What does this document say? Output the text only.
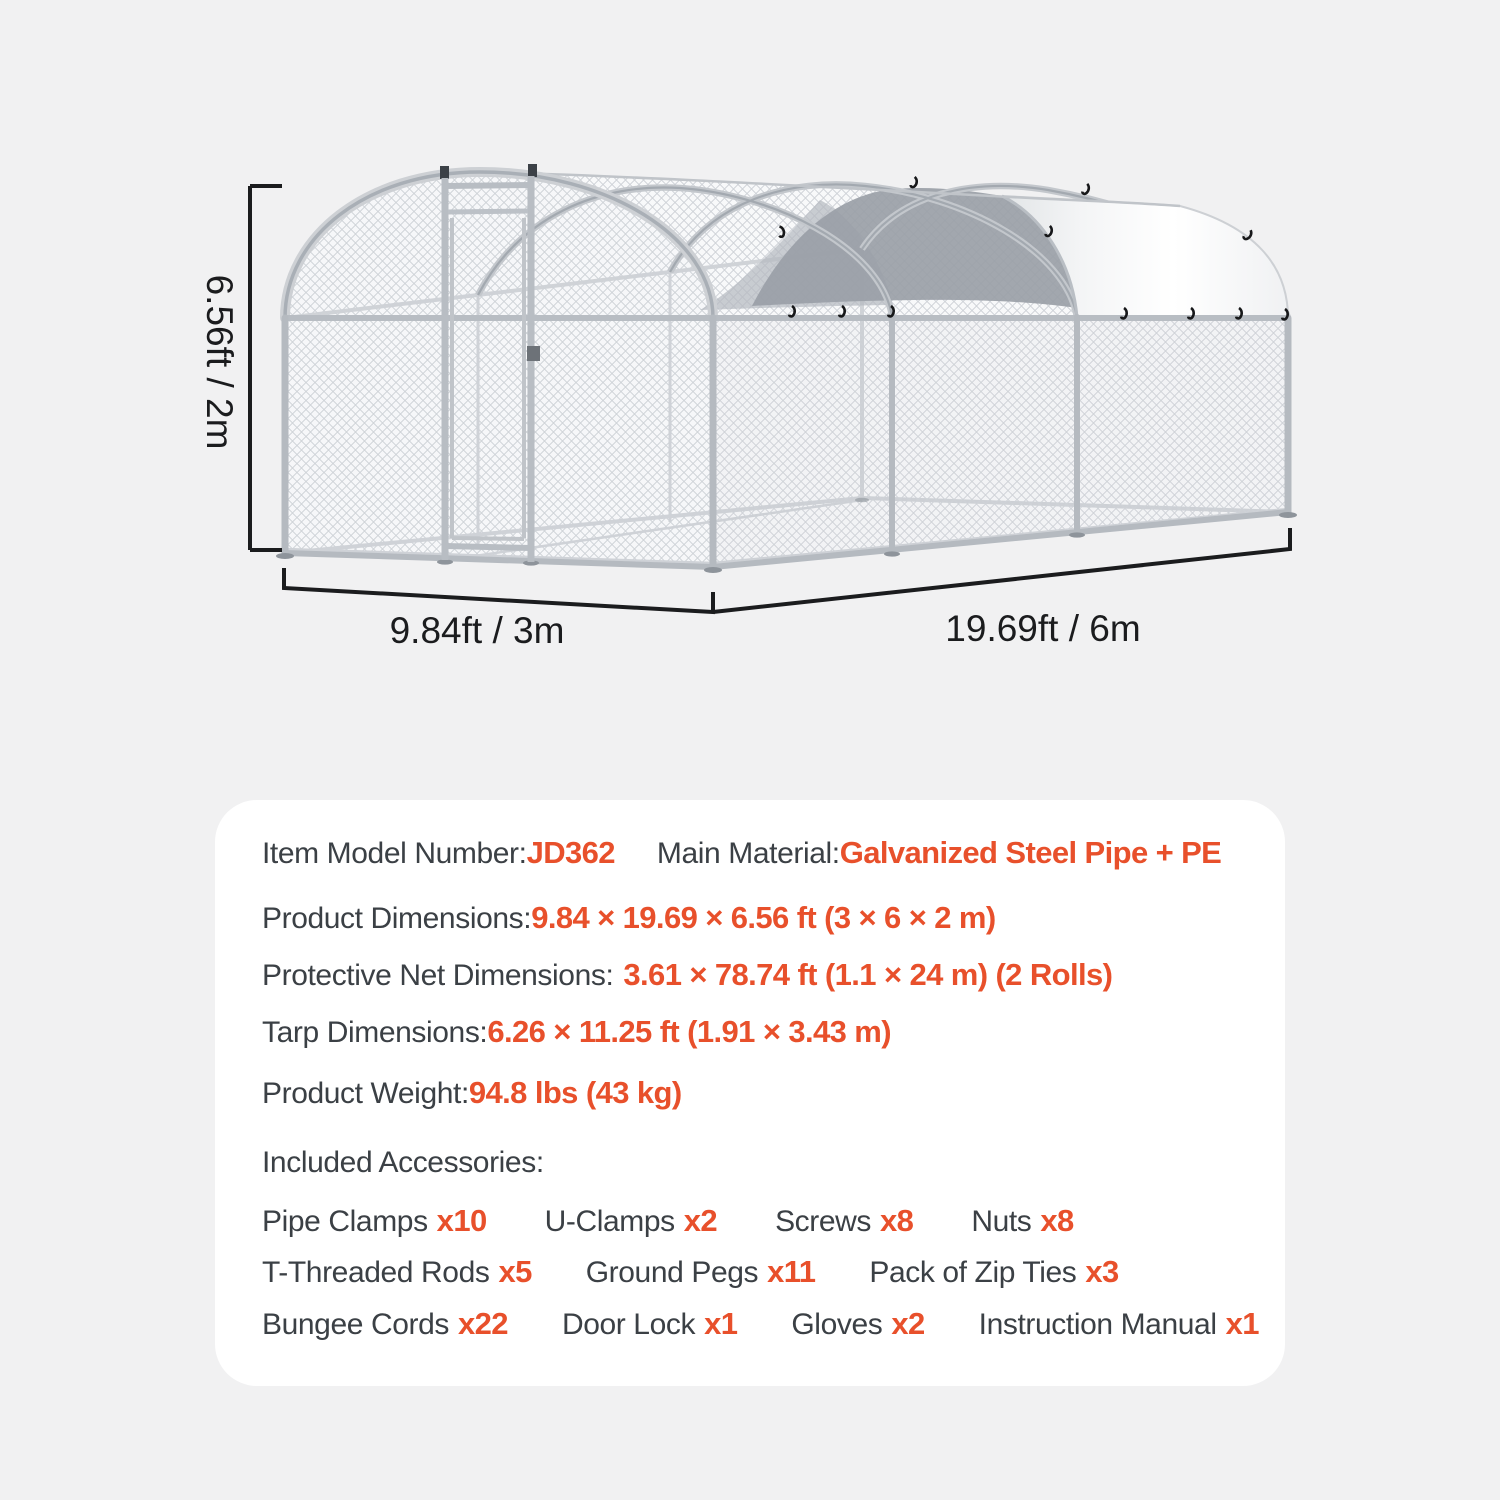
6.56ft / 2m
9.84ft / 3m	19.69ft / 6m
Item Model Number:JD362 Main Material:Galvanized Steel Pipe + PE
Product Dimensions:9.84 × 19.69 × 6.56 ft (3 × 6 × 2 m)
Protective Net Dimensions: 3.61 × 78.74 ft (1.1 × 24 m) (2 Rolls)
Tarp Dimensions:6.26 × 11.25 ft (1.91 × 3.43 m)
Product Weight:94.8 lbs (43 kg)
Included Accessories:
Pipe Clamps x10 U-Clamps x2 Screws x8 Nuts x8
T-Threaded Rods x5 Ground Pegs x11 Pack of Zip Ties x3
Bungee Cords x22 Door Lock x1 Gloves x2 Instruction Manual x1
